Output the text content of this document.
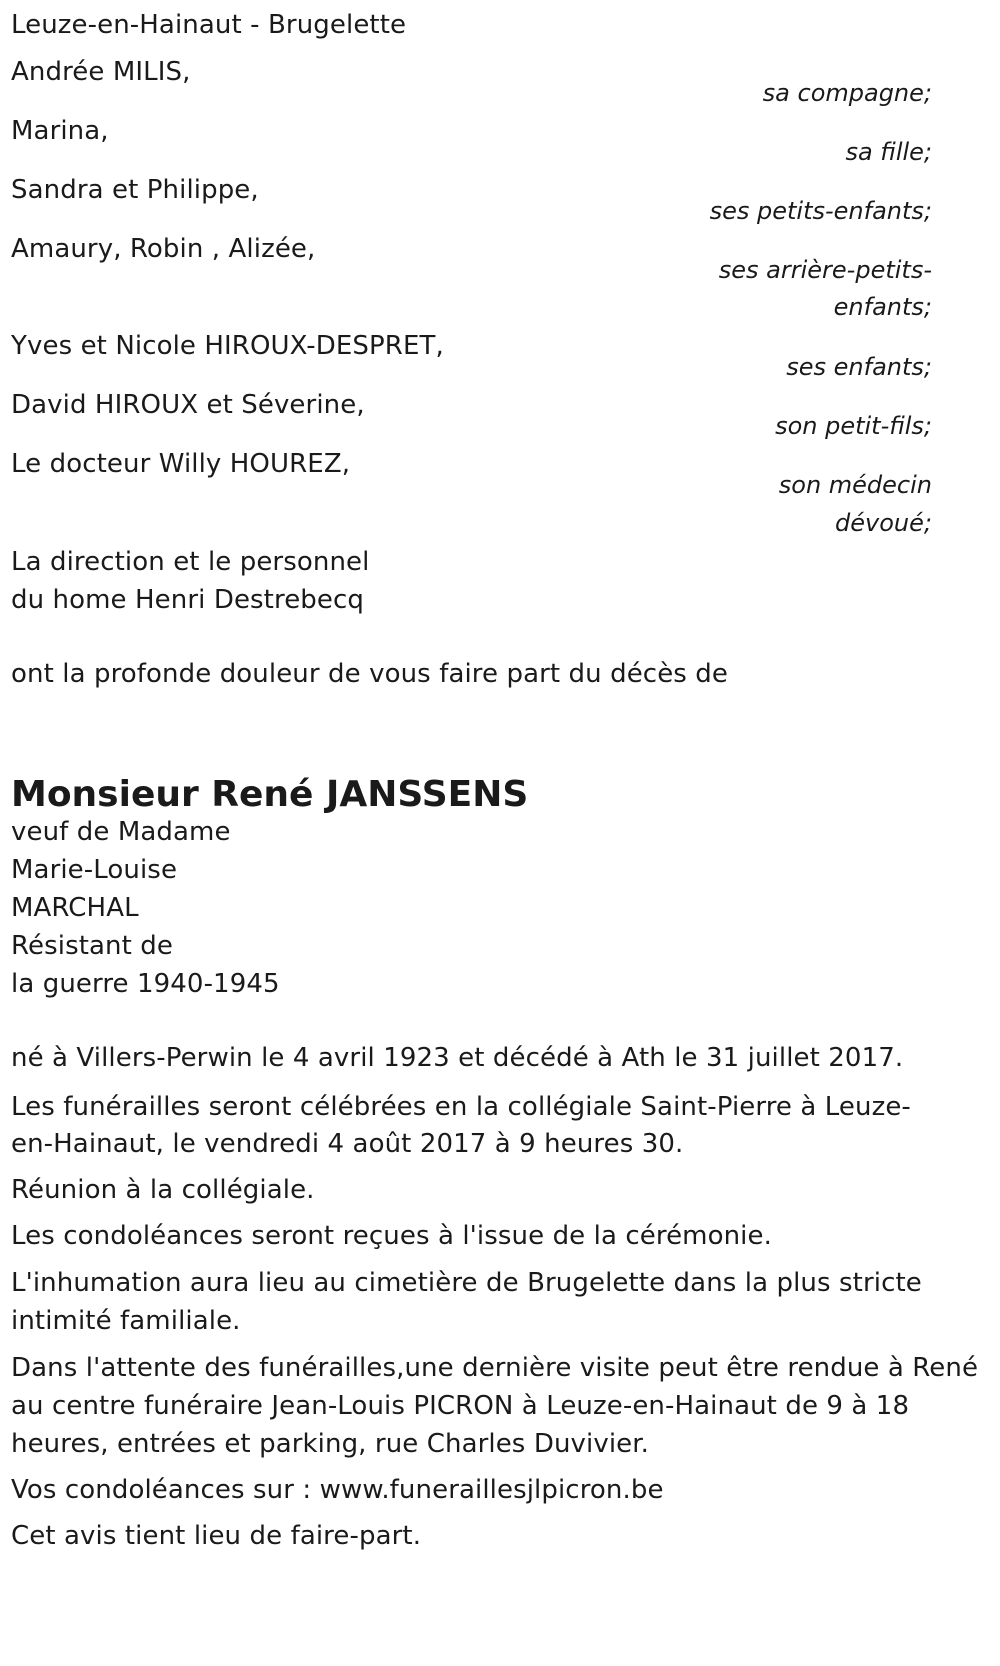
Leuze-en-Hainaut - Brugelette
Andrée MILIS,
sa compagne;
Marina,
sa fille;
Sandra et Philippe,
ses petits-enfants;
Amaury, Robin , Alizée,
ses arrière-petits-
enfants;
Yves et Nicole HIROUX-DESPRET,
ses enfants;
David HIROUX et Séverine,
son petit-fils;
Le docteur Willy HOUREZ,
son médecin
dévoué;
La direction et le personnel
du home Henri Destrebecq
ont la profonde douleur de vous faire part du décès de
Monsieur René JANSSENS
veuf de Madame
Marie-Louise
MARCHAL
Résistant de
la guerre 1940-1945
né à Villers-Perwin le 4 avril 1923 et décédé à Ath le 31 juillet 2017.
Les funérailles seront célébrées en la collégiale Saint-Pierre à Leuze-
en-Hainaut, le vendredi 4 août 2017 à 9 heures 30.
Réunion à la collégiale.
Les condoléances seront reçues à l'issue de la cérémonie.
L'inhumation aura lieu au cimetière de Brugelette dans la plus stricte
intimité familiale.
Dans l'attente des funérailles,une dernière visite peut être rendue à René
au centre funéraire Jean-Louis PICRON à Leuze-en-Hainaut de 9 à 18
heures, entrées et parking, rue Charles Duvivier.
Vos condoléances sur : www.funeraillesjlpicron.be
Cet avis tient lieu de faire-part.
